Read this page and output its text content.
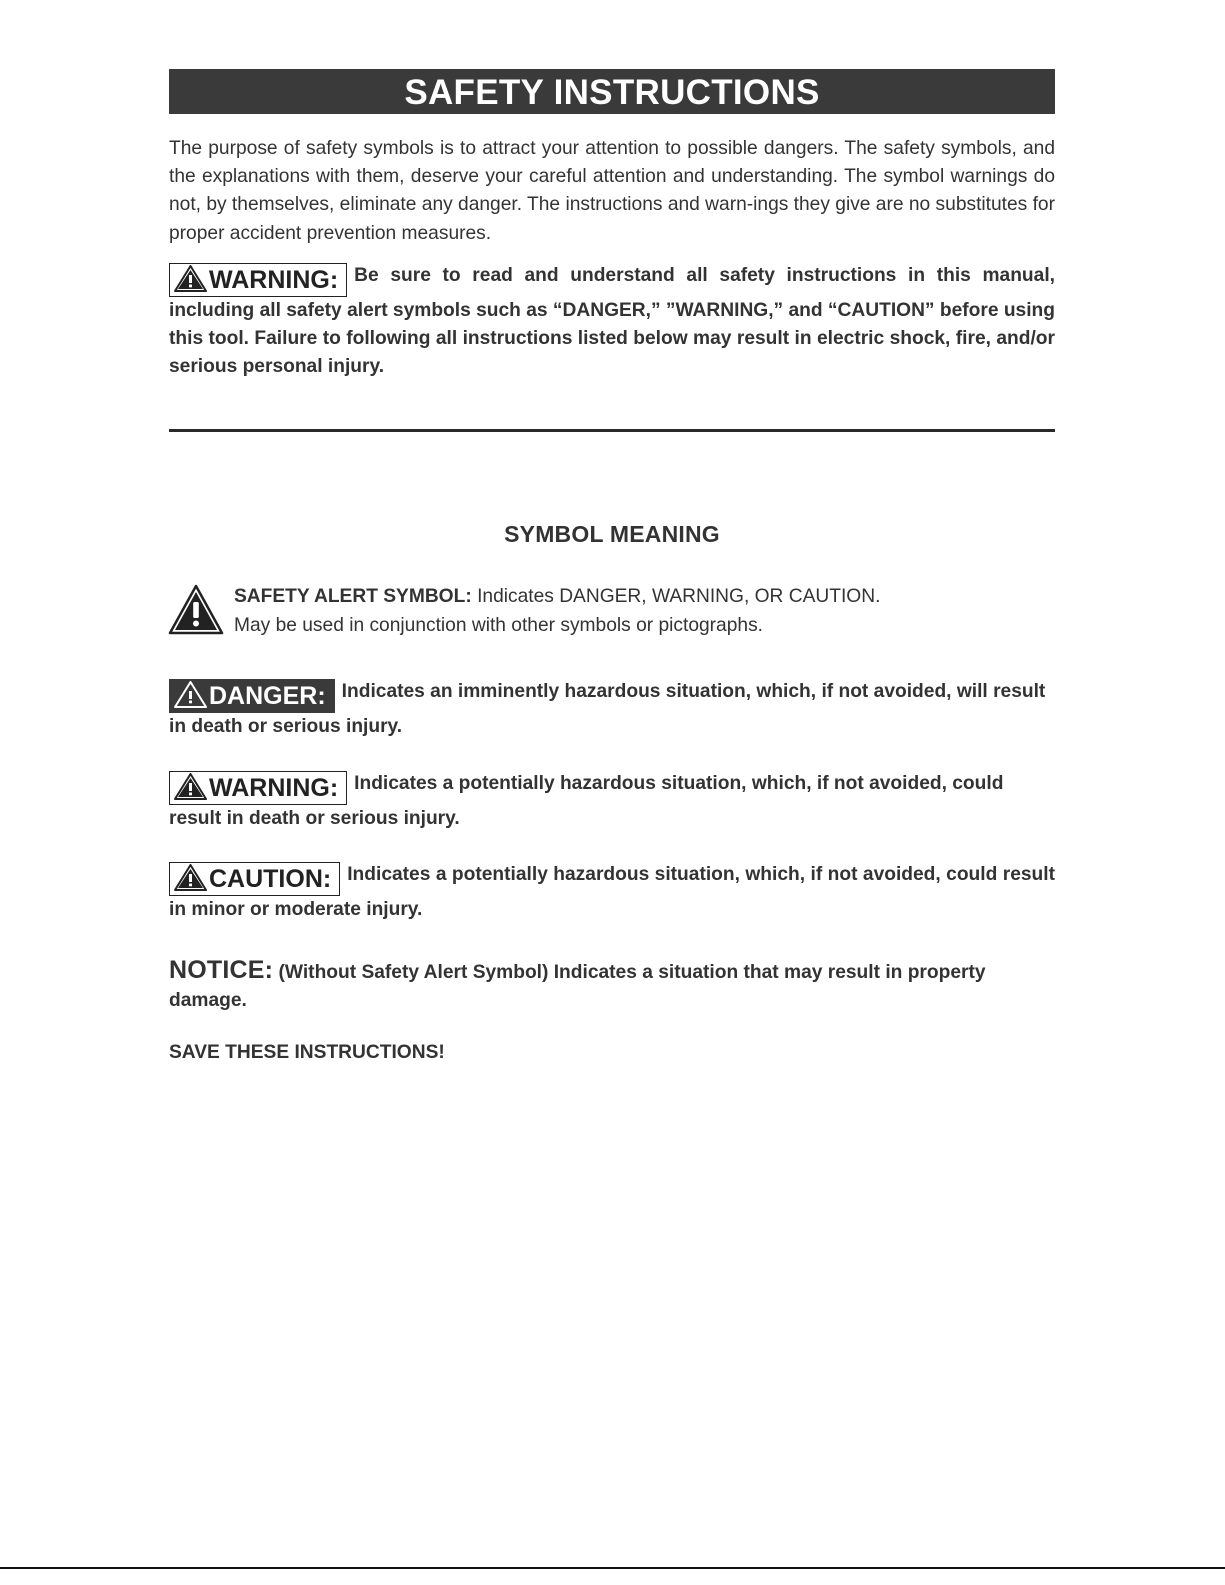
SAFETY INSTRUCTIONS

The purpose of safety symbols is to attract your attention to possible dangers. The safety symbols, and the explanations with them, deserve your careful attention and understanding. The symbol warnings do not, by themselves, eliminate any danger. The instructions and warn-ings they give are no substitutes for proper accident prevention measures.

WARNING: Be sure to read and understand all safety instructions in this manual, including all safety alert symbols such as “DANGER,” ”WARNING,” and “CAUTION” before using this tool. Failure to following all instructions listed below may result in electric shock, fire, and/or serious personal injury.
SYMBOL MEANING
SAFETY ALERT SYMBOL: Indicates DANGER, WARNING, OR CAUTION.
May be used in conjunction with other symbols or pictographs.
DANGER: Indicates an imminently hazardous situation, which, if not avoided, will result in death or serious injury.
WARNING: Indicates a potentially hazardous situation, which, if not avoided, could result in death or serious injury.
CAUTION: Indicates a potentially hazardous situation, which, if not avoided, could result in minor or moderate injury.
NOTICE: (Without Safety Alert Symbol) Indicates a situation that may result in property damage.
SAVE THESE INSTRUCTIONS!
